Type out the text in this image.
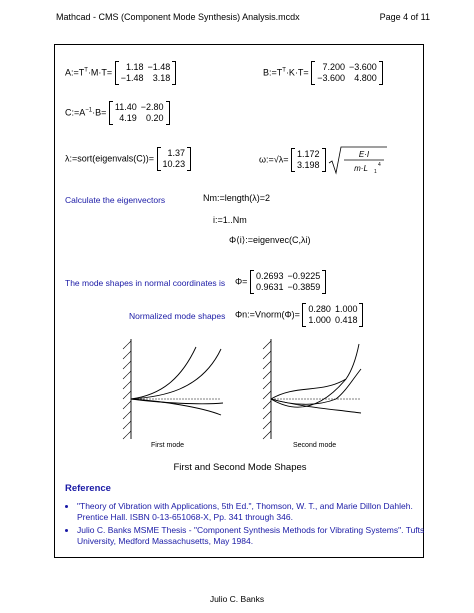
Mathcad - CMS (Component Mode Synthesis) Analysis.mcdx	Page 4 of 11
$A:=T^T\cdot M\cdot T=$
1.18	−1.48
−1.48	3.18
$B:=T^T\cdot K\cdot T=$
7.200	−3.600
−3.600	4.800
$C:=A^{-1}\cdot B=$
11.40	−2.80
4.19	0.20
λ:=sort(eigenvals(C))=
1.37
10.23	ω:=√λ=
1.172
3.198

E·I
m·L 1
4
Calculate the eigenvectors	Nm:=length(λ)=2
i:=1..Nm
Φ⟨i⟩:=eigenvec(C,λi)
The mode shapes in normal coordinates is Φ=
0.2693	−0.9225
0.9631	−0.3859
Normalized mode shapes Φn:=Vnorm(Φ)=
0.280	1.000
1.000	0.418
First mode	Second mode
First and Second Mode Shapes
Reference
• "Theory of Vibration with Applications, 5th Ed.", Thomson, W. T., and Marie Dillon Dahleh. Prentice Hall. ISBN 0-13-651068-X, Pp. 341 through 346.
• Julio C. Banks MSME Thesis - "Component Synthesis Methods for Vibrating Systems". Tufts University, Medford Massachusetts, May 1984.
Julio C. Banks
